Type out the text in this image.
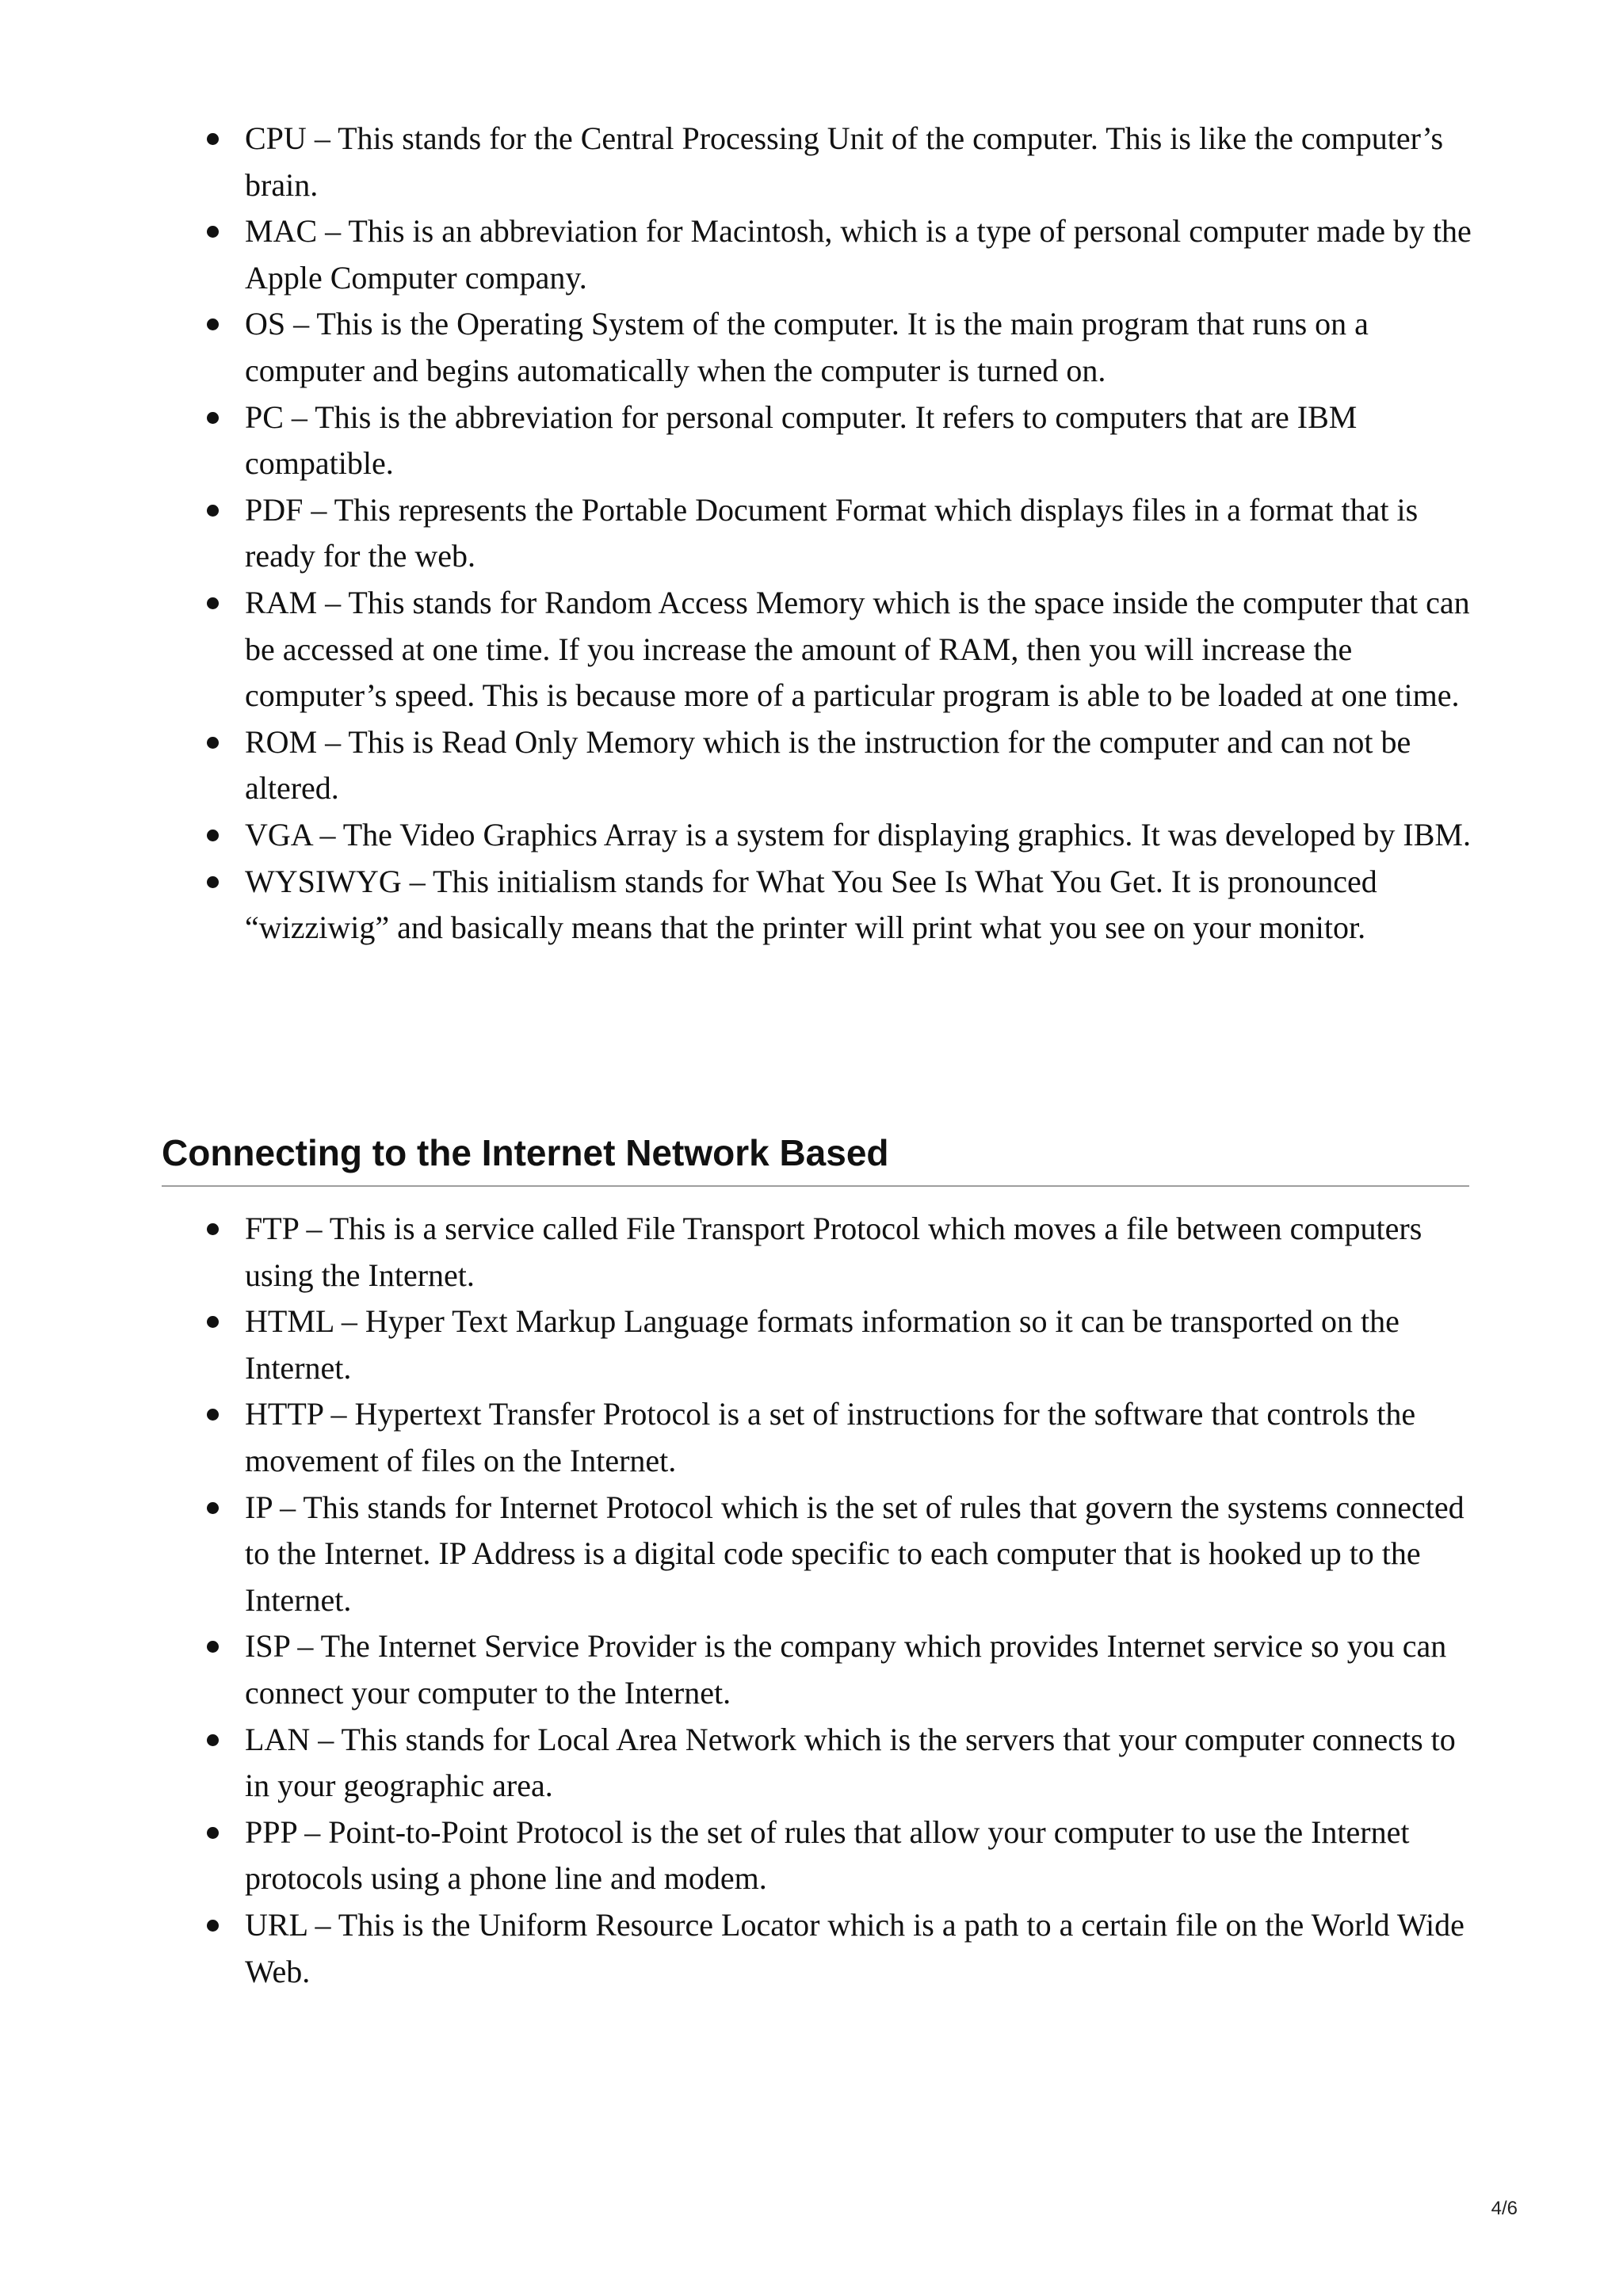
CPU – This stands for the Central Processing Unit of the computer. This is like the computer’s brain.
MAC – This is an abbreviation for Macintosh, which is a type of personal computer made by the Apple Computer company.
OS – This is the Operating System of the computer. It is the main program that runs on a computer and begins automatically when the computer is turned on.
PC – This is the abbreviation for personal computer. It refers to computers that are IBM compatible.
PDF – This represents the Portable Document Format which displays files in a format that is ready for the web.
RAM – This stands for Random Access Memory which is the space inside the computer that can be accessed at one time. If you increase the amount of RAM, then you will increase the computer’s speed. This is because more of a particular program is able to be loaded at one time.
ROM – This is Read Only Memory which is the instruction for the computer and can not be altered.
VGA – The Video Graphics Array is a system for displaying graphics. It was developed by IBM.
WYSIWYG – This initialism stands for What You See Is What You Get. It is pronounced “wizziwig” and basically means that the printer will print what you see on your monitor.
Connecting to the Internet Network Based
FTP – This is a service called File Transport Protocol which moves a file between computers using the Internet.
HTML – Hyper Text Markup Language formats information so it can be transported on the Internet.
HTTP – Hypertext Transfer Protocol is a set of instructions for the software that controls the movement of files on the Internet.
IP – This stands for Internet Protocol which is the set of rules that govern the systems connected to the Internet. IP Address is a digital code specific to each computer that is hooked up to the Internet.
ISP – The Internet Service Provider is the company which provides Internet service so you can connect your computer to the Internet.
LAN – This stands for Local Area Network which is the servers that your computer connects to in your geographic area.
PPP – Point-to-Point Protocol is the set of rules that allow your computer to use the Internet protocols using a phone line and modem.
URL – This is the Uniform Resource Locator which is a path to a certain file on the World Wide Web.
4/6
